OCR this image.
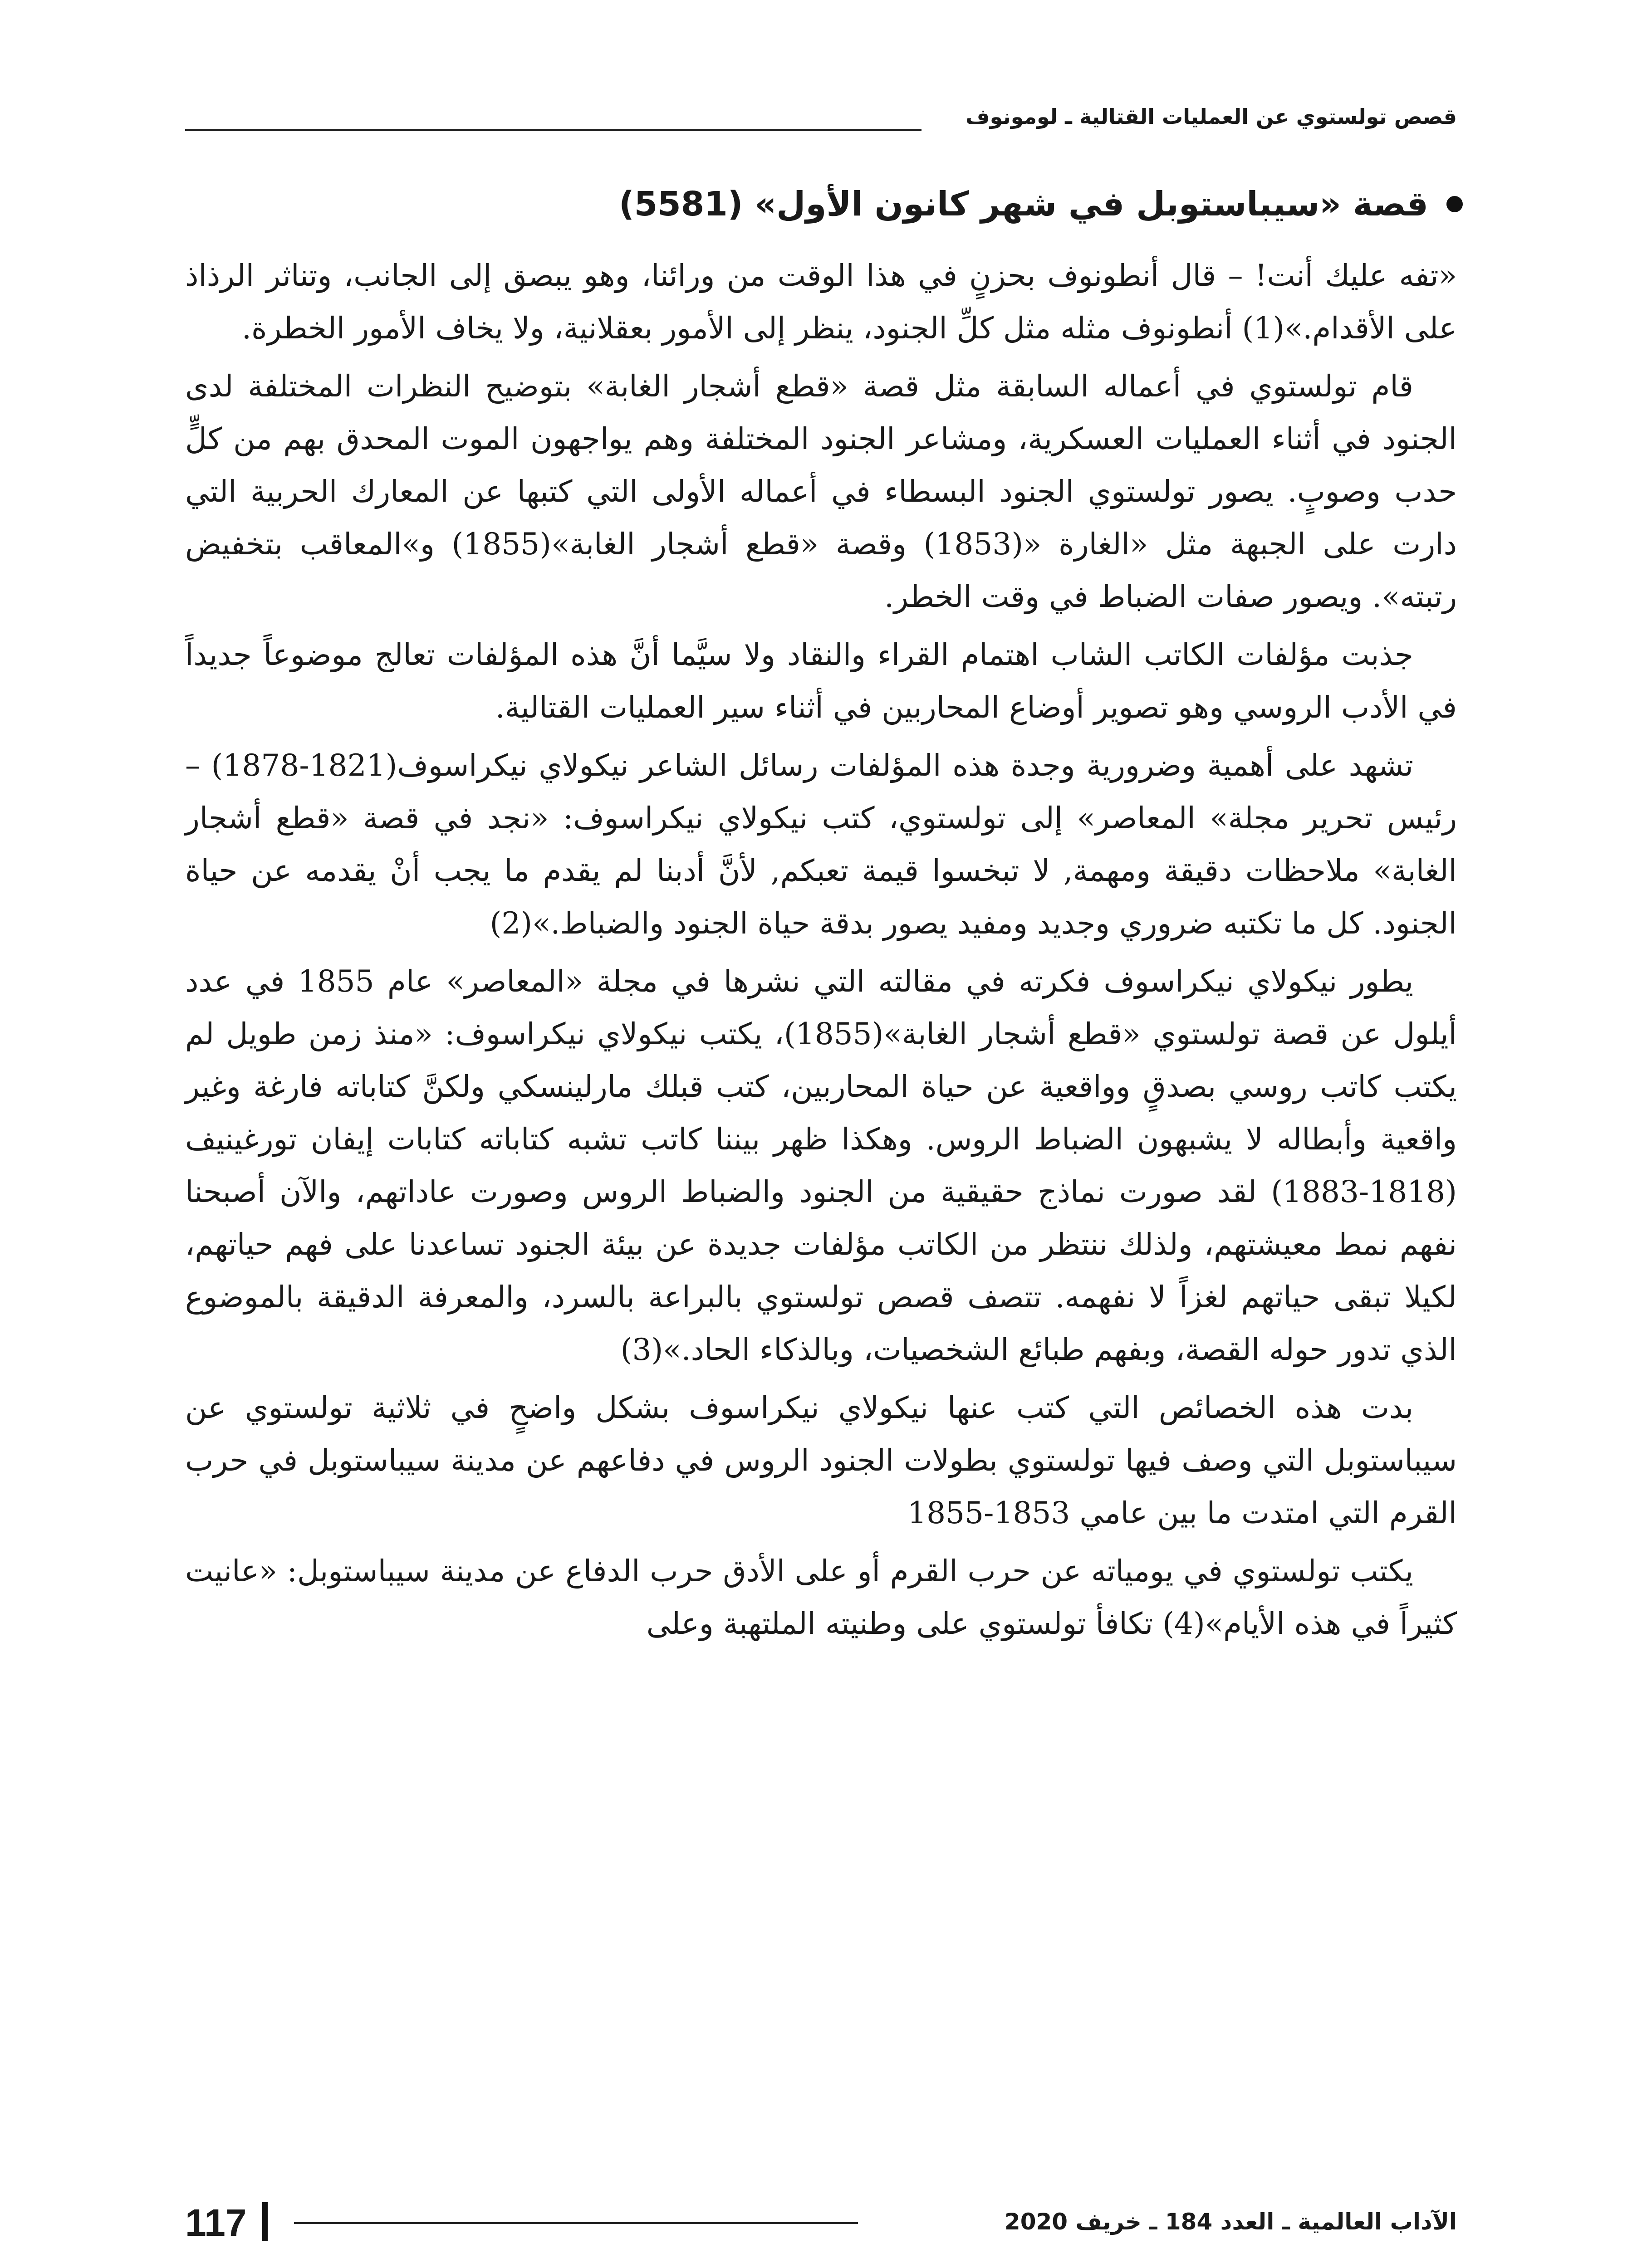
قصص تولستوي عن العمليات القتالية ـ لومونوف
قصة «سيباستوبل في شهر كانون الأول» (5581)

«تفه عليك أنت! – قال أنطونوف بحزنٍ في هذا الوقت من ورائنا، وهو يبصق إلى الجانب، وتناثر الرذاذ على الأقدام.»(1) أنطونوف مثله مثل كلِّ الجنود، ينظر إلى الأمور بعقلانية، ولا يخاف الأمور الخطرة.

قام تولستوي في أعماله السابقة مثل قصة «قطع أشجار الغابة» بتوضيح النظرات المختلفة لدى الجنود في أثناء العمليات العسكرية، ومشاعر الجنود المختلفة وهم يواجهون الموت المحدق بهم من كلٍّ حدب وصوبٍ. يصور تولستوي الجنود البسطاء في أعماله الأولى التي كتبها عن المعارك الحربية التي دارت على الجبهة مثل «الغارة «(1853) وقصة «قطع أشجار الغابة»(1855) و»المعاقب بتخفيض رتبته». ويصور صفات الضباط في وقت الخطر.

جذبت مؤلفات الكاتب الشاب اهتمام القراء والنقاد ولا سيَّما أنَّ هذه المؤلفات تعالج موضوعاً جديداً في الأدب الروسي وهو تصوير أوضاع المحاربين في أثناء سير العمليات القتالية.

تشهد على أهمية وضرورية وجدة هذه المؤلفات رسائل الشاعر نيكولاي نيكراسوف(1821-1878) – رئيس تحرير مجلة» المعاصر» إلى تولستوي، كتب نيكولاي نيكراسوف: «نجد في قصة «قطع أشجار الغابة» ملاحظات دقيقة ومهمة, لا تبخسوا قيمة تعبكم, لأنَّ أدبنا لم يقدم ما يجب أنْ يقدمه عن حياة الجنود. كل ما تكتبه ضروري وجديد ومفيد يصور بدقة حياة الجنود والضباط.»(2)

يطور نيكولاي نيكراسوف فكرته في مقالته التي نشرها في مجلة «المعاصر» عام 1855 في عدد أيلول عن قصة تولستوي «قطع أشجار الغابة»(1855)، يكتب نيكولاي نيكراسوف: «منذ زمن طويل لم يكتب كاتب روسي بصدقٍ وواقعية عن حياة المحاربين، كتب قبلك مارلينسكي ولكنَّ كتاباته فارغة وغير واقعية وأبطاله لا يشبهون الضباط الروس. وهكذا ظهر بيننا كاتب تشبه كتاباته كتابات إيفان تورغينيف (1818-1883) لقد صورت نماذج حقيقية من الجنود والضباط الروس وصورت عاداتهم، والآن أصبحنا نفهم نمط معيشتهم، ولذلك ننتظر من الكاتب مؤلفات جديدة عن بيئة الجنود تساعدنا على فهم حياتهم، لكيلا تبقى حياتهم لغزاً لا نفهمه. تتصف قصص تولستوي بالبراعة بالسرد، والمعرفة الدقيقة بالموضوع الذي تدور حوله القصة، وبفهم طبائع الشخصيات، وبالذكاء الحاد.»(3)

بدت هذه الخصائص التي كتب عنها نيكولاي نيكراسوف بشكل واضحٍ في ثلاثية تولستوي عن سيباستوبل التي وصف فيها تولستوي بطولات الجنود الروس في دفاعهم عن مدينة سيباستوبل في حرب القرم التي امتدت ما بين عامي 1853-1855

يكتب تولستوي في يومياته عن حرب القرم أو على الأدق حرب الدفاع عن مدينة سيباستوبل: «عانيت كثيراً في هذه الأيام»(4) تكافأ تولستوي على وطنيته الملتهبة وعلى

الآداب العالمية ـ العدد 184 ـ خريف 2020
117
